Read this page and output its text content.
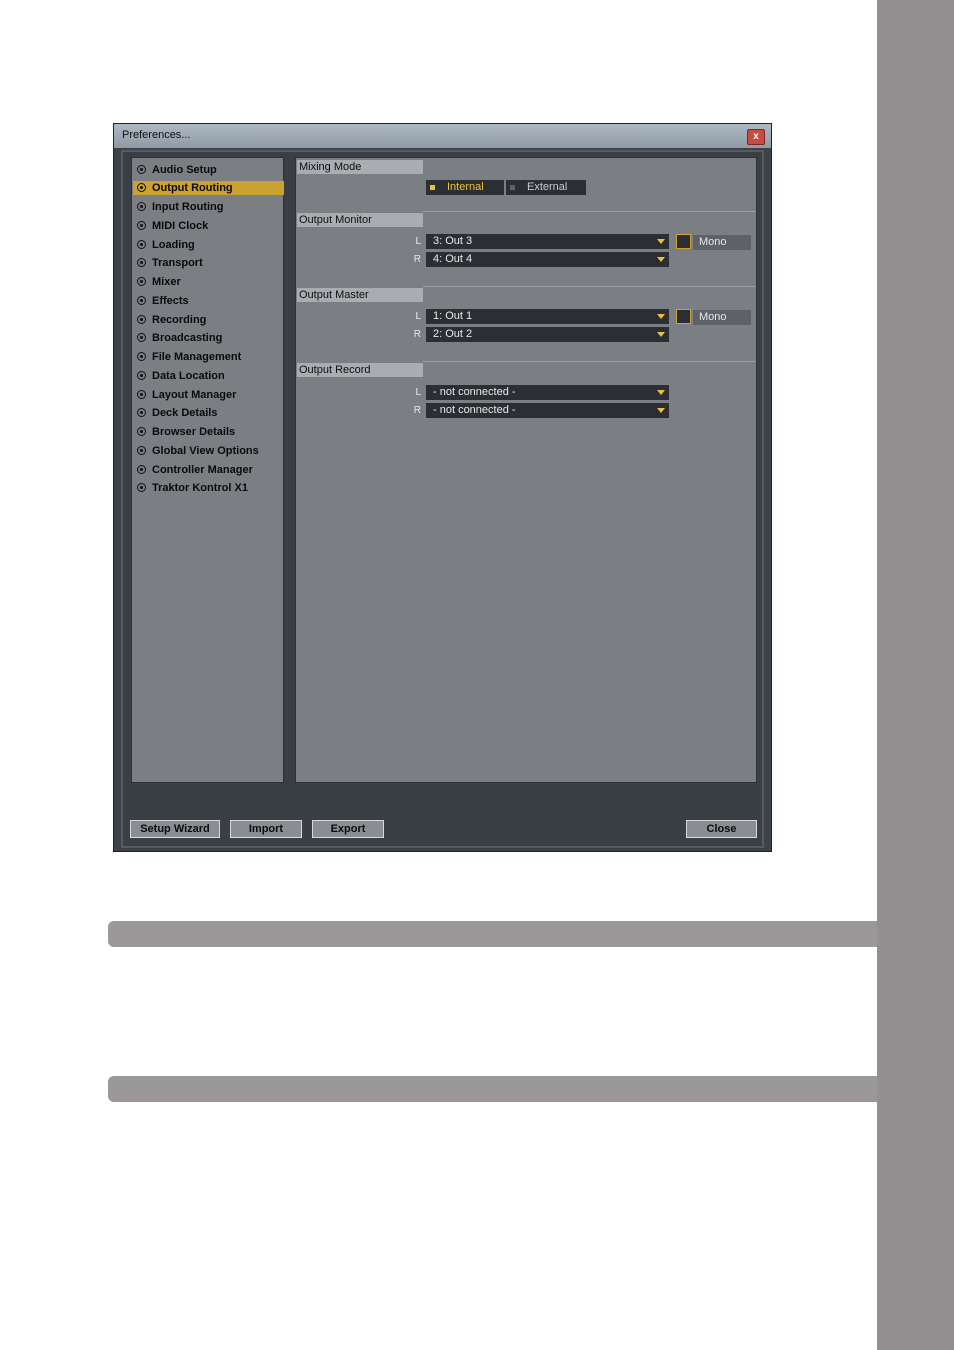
Preferences...	x
Audio Setup
Output Routing
Input Routing
MIDI Clock
Loading
Transport
Mixer
Effects
Recording
Broadcasting
File Management
Data Location
Layout Manager
Deck Details
Browser Details
Global View Options
Controller Manager
Traktor Kontrol X1
Mixing Mode
Internal	External
Output Monitor
L 3: Out 3	Mono
R 4: Out 4
Output Master
L 1: Out 1	Mono
R 2: Out 2
Output Record
L - not connected -
R - not connected -
Setup Wizard	Import	Export	Close
